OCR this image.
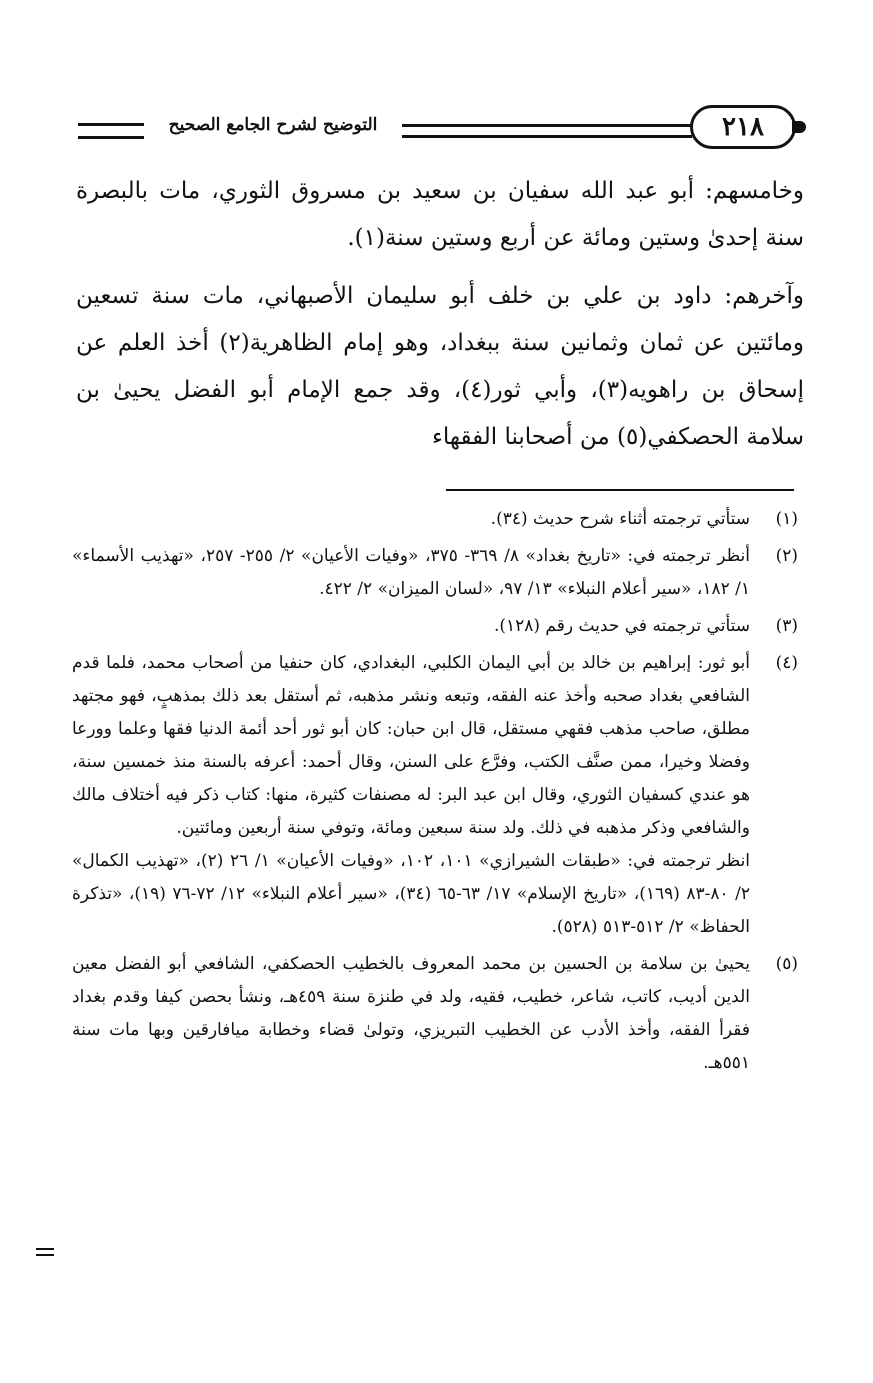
التوضيح لشرح الجامع الصحيح	٢١٨

وخامسهم: أبو عبد الله سفيان بن سعيد بن مسروق الثوري، مات بالبصرة سنة إحدىٰ وستين ومائة عن أربع وستين سنة(١).

وآخرهم: داود بن علي بن خلف أبو سليمان الأصبهاني، مات سنة تسعين ومائتين عن ثمان وثمانين سنة ببغداد، وهو إمام الظاهرية(٢) أخذ العلم عن إسحاق بن راهويه(٣)، وأبي ثور(٤)، وقد جمع الإمام أبو الفضل يحيىٰ بن سلامة الحصكفي(٥) من أصحابنا الفقهاء

(١)

ستأتي ترجمته أثناء شرح حديث (٣٤).

(٢)

أنظر ترجمته في: «تاريخ بغداد» ٨/ ٣٦٩- ٣٧٥، «وفيات الأعيان» ٢/ ٢٥٥- ٢٥٧، «تهذيب الأسماء» ١/ ١٨٢، «سير أعلام النبلاء» ١٣/ ٩٧، «لسان الميزان» ٢/ ٤٢٢.

(٣)

ستأتي ترجمته في حديث رقم (١٢٨).

(٤)

أبو ثور: إبراهيم بن خالد بن أبي اليمان الكلبي، البغدادي، كان حنفيا من أصحاب محمد، فلما قدم الشافعي بغداد صحبه وأخذ عنه الفقه، وتبعه ونشر مذهبه، ثم أستقل بعد ذلك بمذهبٍ، فهو مجتهد مطلق، صاحب مذهب فقهي مستقل، قال ابن حبان: كان أبو ثور أحد أئمة الدنيا فقها وعلما وورعا وفضلا وخيرا، ممن صنَّف الكتب، وفرَّع على السنن، وقال أحمد: أعرفه بالسنة منذ خمسين سنة، هو عندي كسفيان الثوري، وقال ابن عبد البر: له مصنفات كثيرة، منها: كتاب ذكر فيه أختلاف مالك والشافعي وذكر مذهبه في ذلك. ولد سنة سبعين ومائة، وتوفي سنة أربعين ومائتين.

انظر ترجمته في: «طبقات الشيرازي» ١٠١، ١٠٢، «وفيات الأعيان» ١/ ٢٦ (٢)، «تهذيب الكمال» ٢/ ٨٠-٨٣ (١٦٩)، «تاريخ الإسلام» ١٧/ ٦٣-٦٥ (٣٤)، «سير أعلام النبلاء» ١٢/ ٧٢-٧٦ (١٩)، «تذكرة الحفاظ» ٢/ ٥١٢-٥١٣ (٥٢٨).

(٥)

يحيىٰ بن سلامة بن الحسين بن محمد المعروف بالخطيب الحصكفي، الشافعي أبو الفضل معين الدين أديب، كاتب، شاعر، خطيب، فقيه، ولد في طنزة سنة ٤٥٩هـ، ونشأ بحصن كيفا وقدم بغداد فقرأ الفقه، وأخذ الأدب عن الخطيب التبريزي، وتولىٰ قضاء وخطابة ميافارقين وبها مات سنة ٥٥١هـ.
